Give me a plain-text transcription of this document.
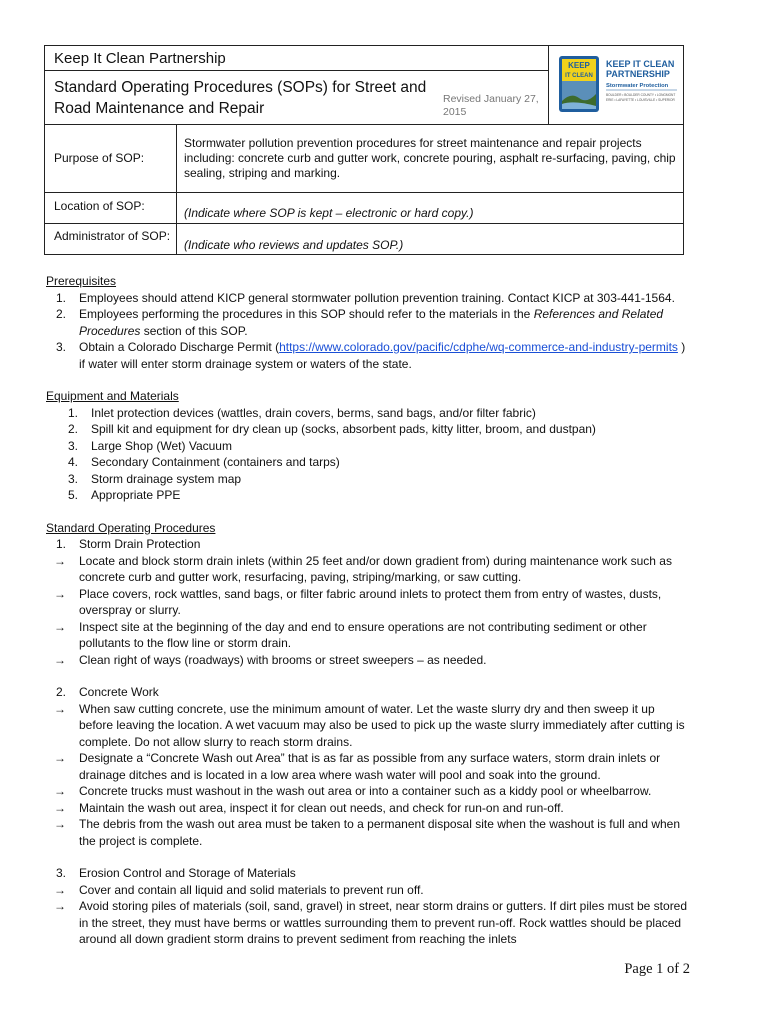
Keep It Clean Partnership
Standard Operating Procedures (SOPs) for Street and Road Maintenance and Repair
Revised January 27, 2015
KEEP
IT CLEAN
KEEP IT CLEAN
PARTNERSHIP
Stormwater Protection
BOULDER • BOULDER COUNTY • LONGMONT
ERIE • LAFAYETTE • LOUISVILLE • SUPERIOR
Purpose of SOP:
Stormwater pollution prevention procedures for street maintenance and repair projects including: concrete curb and gutter work, concrete pouring, asphalt re-surfacing, paving, chip sealing, striping and marking.
Location of SOP:	(Indicate where SOP is kept – electronic or hard copy.)
Administrator of SOP:
(Indicate who reviews and updates SOP.)
Prerequisites
1. Employees should attend KICP general stormwater pollution prevention training. Contact KICP at 303-441-1564.
2. Employees performing the procedures in this SOP should refer to the materials in the References and Related Procedures section of this SOP.
3. Obtain a Colorado Discharge Permit (https://www.colorado.gov/pacific/cdphe/wq-commerce-and-industry-permits ) if water will enter storm drainage system or waters of the state.
Equipment and Materials
1. Inlet protection devices (wattles, drain covers, berms, sand bags, and/or filter fabric)
2. Spill kit and equipment for dry clean up (socks, absorbent pads, kitty litter, broom, and dustpan)
3. Large Shop (Wet) Vacuum
4. Secondary Containment (containers and tarps)
3. Storm drainage system map
5. Appropriate PPE
Standard Operating Procedures
1. Storm Drain Protection
→ Locate and block storm drain inlets (within 25 feet and/or down gradient from) during maintenance work such as concrete curb and gutter work, resurfacing, paving, striping/marking, or saw cutting.
→ Place covers, rock wattles, sand bags, or filter fabric around inlets to protect them from entry of wastes, dusts, overspray or slurry.
→ Inspect site at the beginning of the day and end to ensure operations are not contributing sediment or other pollutants to the flow line or storm drain.
→ Clean right of ways (roadways) with brooms or street sweepers – as needed.
2. Concrete Work
→ When saw cutting concrete, use the minimum amount of water. Let the waste slurry dry and then sweep it up before leaving the location. A wet vacuum may also be used to pick up the waste slurry immediately after cutting is complete. Do not allow slurry to reach storm drains.
→ Designate a “Concrete Wash out Area” that is as far as possible from any surface waters, storm drain inlets or drainage ditches and is located in a low area where wash water will pool and soak into the ground.
→ Concrete trucks must washout in the wash out area or into a container such as a kiddy pool or wheelbarrow.
→ Maintain the wash out area, inspect it for clean out needs, and check for run-on and run-off.
→ The debris from the wash out area must be taken to a permanent disposal site when the washout is full and when the project is complete.
3. Erosion Control and Storage of Materials
→ Cover and contain all liquid and solid materials to prevent run off.
→ Avoid storing piles of materials (soil, sand, gravel) in street, near storm drains or gutters. If dirt piles must be stored in the street, they must have berms or wattles surrounding them to prevent run-off. Rock wattles should be placed around all down gradient storm drains to prevent sediment from reaching the inlets
Page 1 of 2
